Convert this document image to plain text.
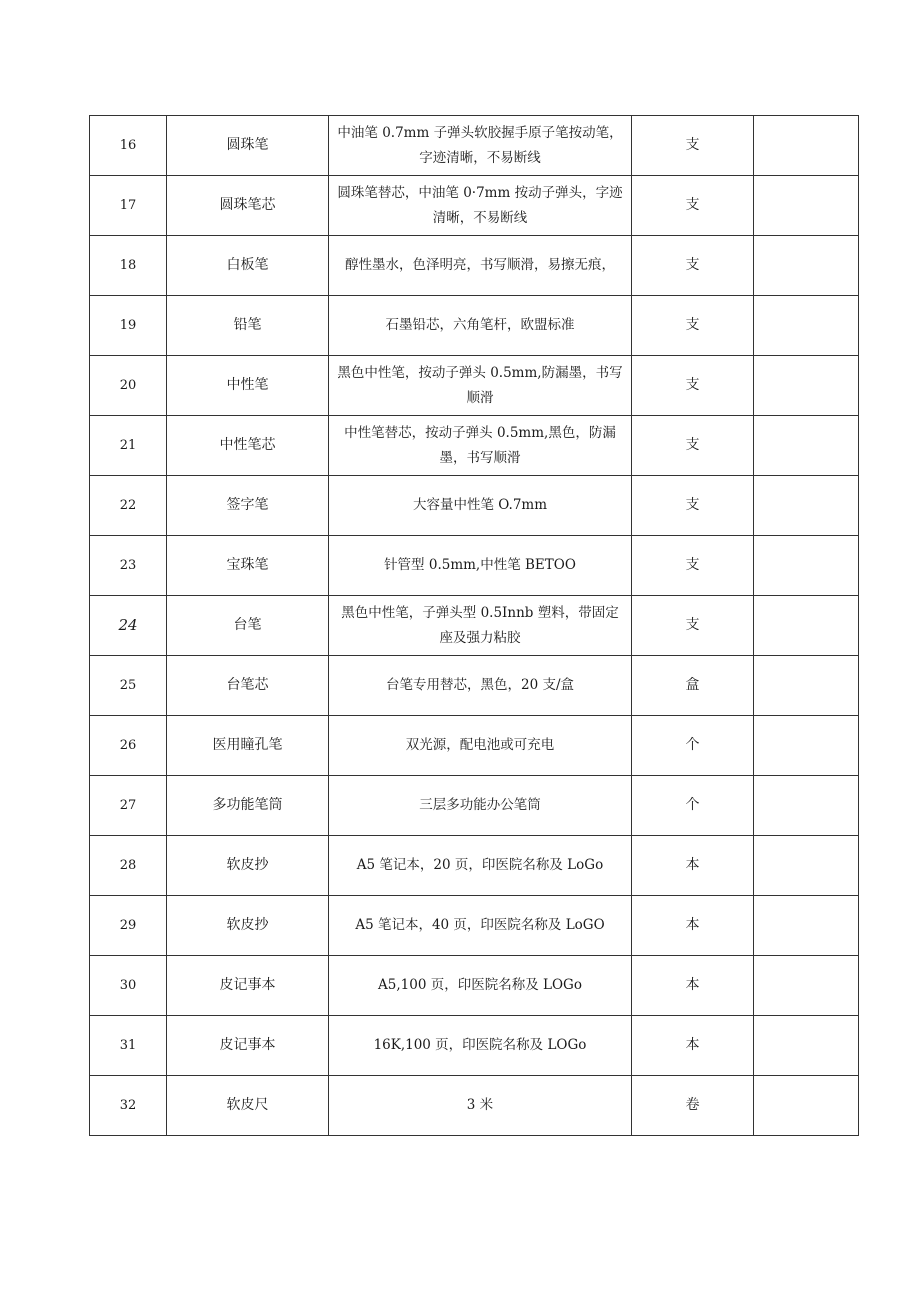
16	圆珠笔	中油笔 0.7mm 子弹头软胶握手原子笔按动笔，字迹清晰，不易断线	支	
17	圆珠笔芯	圆珠笔替芯，中油笔 0·7mm 按动子弹头，字迹清晰，不易断线	支	
18	白板笔	醇性墨水，色泽明亮，书写顺滑，易擦无痕，	支	
19	铅笔	石墨铅芯，六角笔杆，欧盟标准	支	
20	中性笔	黑色中性笔，按动子弹头 0.5mm,防漏墨，书写顺滑	支	
21	中性笔芯	中性笔替芯，按动子弹头 0.5mm,黑色，防漏墨，书写顺滑	支	
22	签字笔	大容量中性笔 O.7mm	支	
23	宝珠笔	针管型 0.5mm,中性笔 BETOO	支	
24	台笔	黑色中性笔，子弹头型 0.5Innb 塑料，带固定座及强力粘胶	支	
25	台笔芯	台笔专用替芯，黑色，20 支/盒	盒	
26	医用瞳孔笔	双光源，配电池或可充电	个	
27	多功能笔筒	三层多功能办公笔筒	个	
28	软皮抄	A5 笔记本，20 页，印医院名称及 LoGo	本	
29	软皮抄	A5 笔记本，40 页，印医院名称及 LoGO	本	
30	皮记事本	A5,100 页，印医院名称及 LOGo	本	
31	皮记事本	16K,100 页，印医院名称及 LOGo	本	
32	软皮尺	3 米	卷	
